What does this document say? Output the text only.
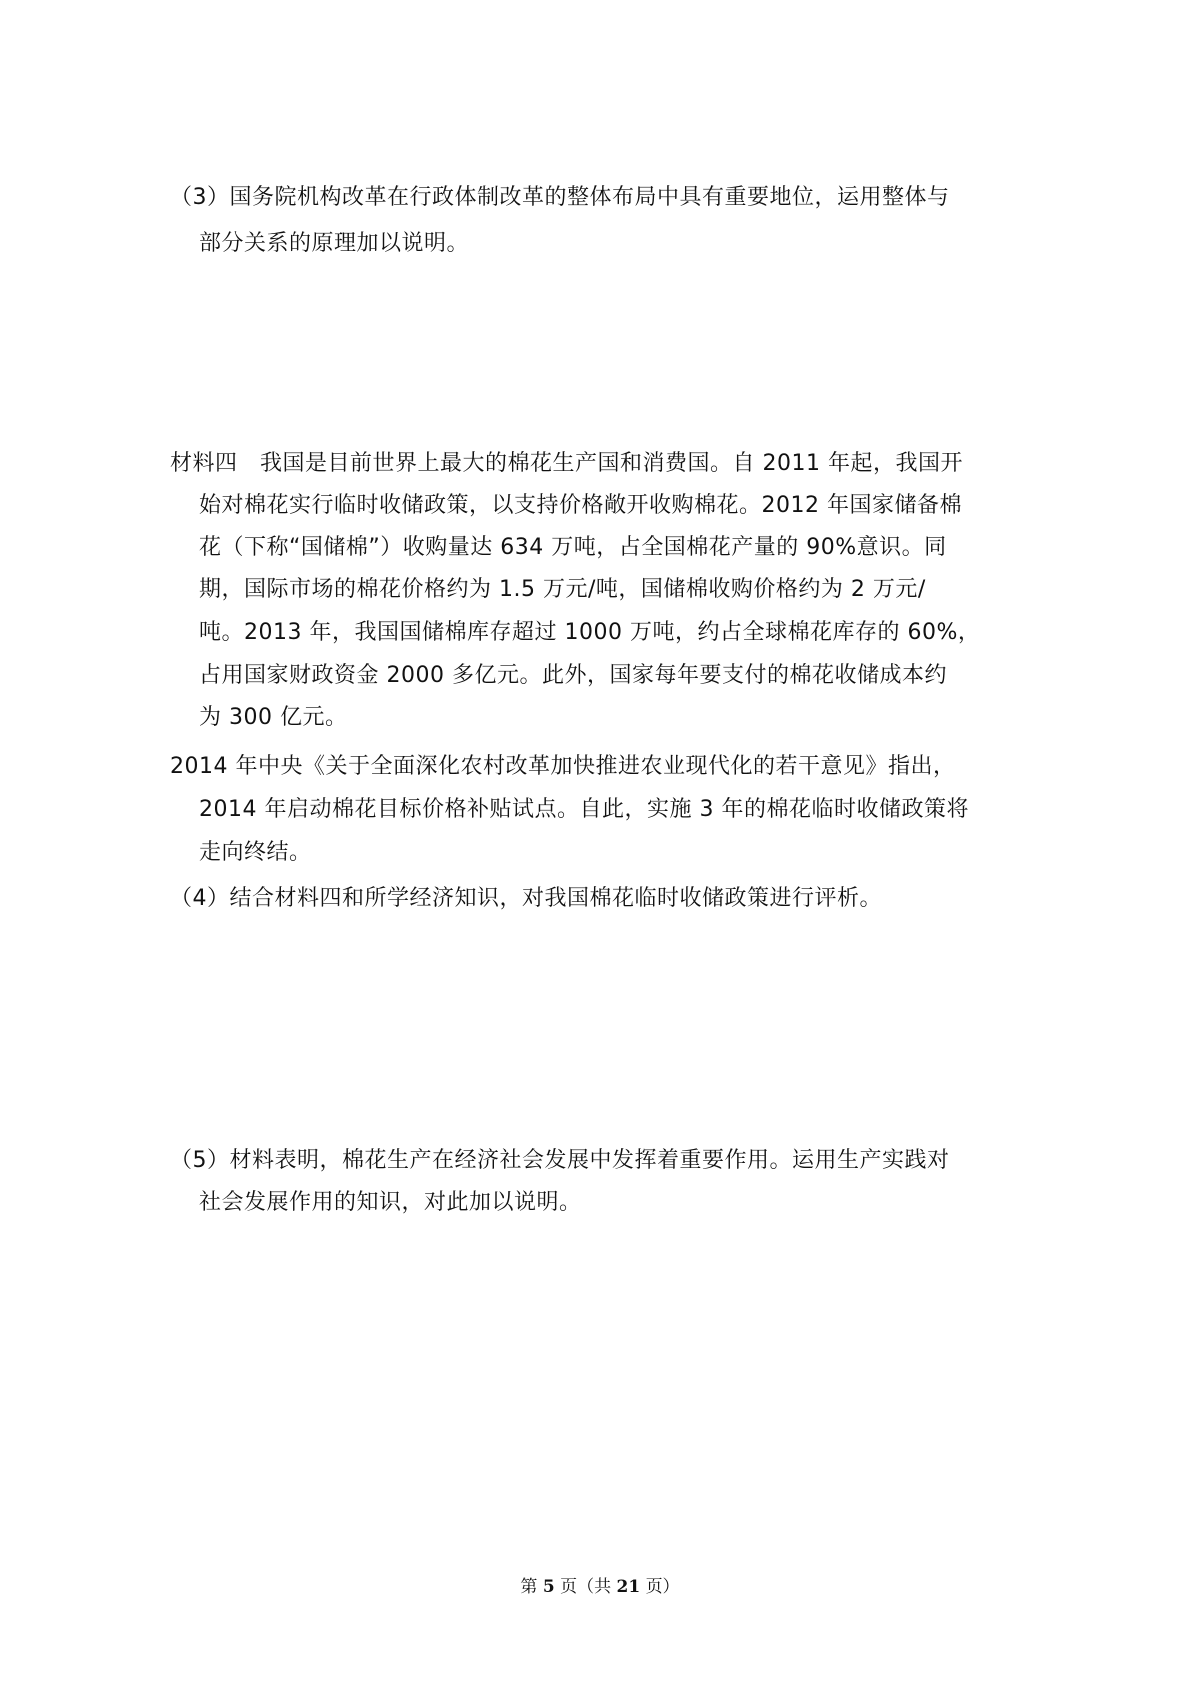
（3）国务院机构改革在行政体制改革的整体布局中具有重要地位，运用整体与
部分关系的原理加以说明。
材料四　我国是目前世界上最大的棉花生产国和消费国。自 2011 年起，我国开
始对棉花实行临时收储政策，以支持价格敞开收购棉花。2012 年国家储备棉
花（下称“国储棉”）收购量达 634 万吨，占全国棉花产量的 90%意识。同
期，国际市场的棉花价格约为 1.5 万元/吨，国储棉收购价格约为 2 万元/
吨。2013 年，我国国储棉库存超过 1000 万吨，约占全球棉花库存的 60%，
占用国家财政资金 2000 多亿元。此外，国家每年要支付的棉花收储成本约
为 300 亿元。
2014 年中央《关于全面深化农村改革加快推进农业现代化的若干意见》指出，
2014 年启动棉花目标价格补贴试点。自此，实施 3 年的棉花临时收储政策将
走向终结。
（4）结合材料四和所学经济知识，对我国棉花临时收储政策进行评析。
（5）材料表明，棉花生产在经济社会发展中发挥着重要作用。运用生产实践对
社会发展作用的知识，对此加以说明。
第 5 页（共 21 页）
